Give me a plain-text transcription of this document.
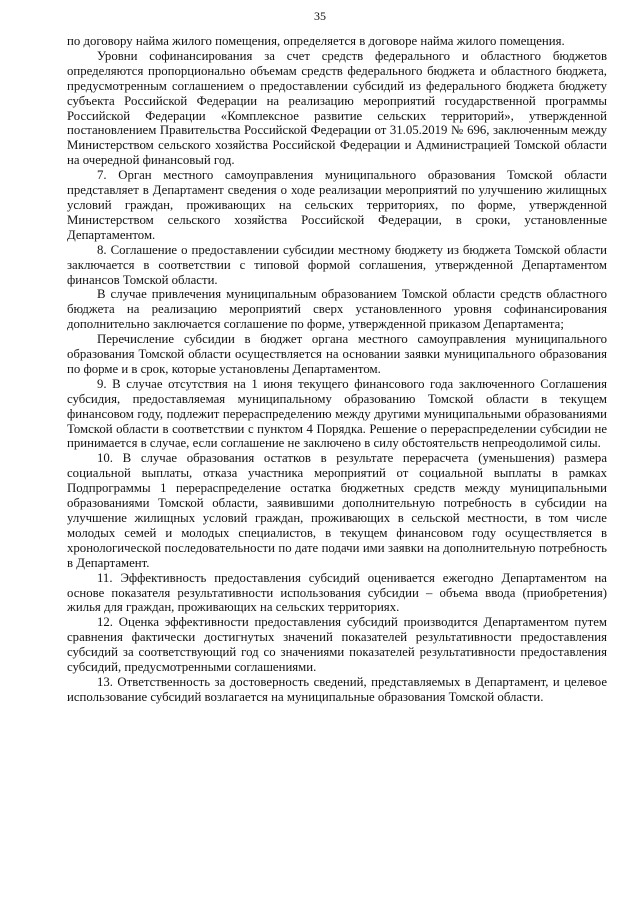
35

по договору найма жилого помещения, определяется в договоре найма жилого помещения.

Уровни софинансирования за счет средств федерального и областного бюджетов определяются пропорционально объемам средств федерального бюджета и областного бюджета, предусмотренным соглашением о предоставлении субсидий из федерального бюджета бюджету субъекта Российской Федерации на реализацию мероприятий государственной программы Российской Федерации «Комплексное развитие сельских территорий», утвержденной постановлением Правительства Российской Федерации от 31.05.2019 № 696, заключенным между Министерством сельского хозяйства Российской Федерации и Администрацией Томской области на очередной финансовый год.

7. Орган местного самоуправления муниципального образования Томской области представляет в Департамент сведения о ходе реализации мероприятий по улучшению жилищных условий граждан, проживающих на сельских территориях, по форме, утвержденной Министерством сельского хозяйства Российской Федерации, в сроки, установленные Департаментом.

8. Соглашение о предоставлении субсидии местному бюджету из бюджета Томской области заключается в соответствии с типовой формой соглашения, утвержденной Департаментом финансов Томской области.

В случае привлечения муниципальным образованием Томской области средств областного бюджета на реализацию мероприятий сверх установленного уровня софинансирования дополнительно заключается соглашение по форме, утвержденной приказом Департамента;

Перечисление субсидии в бюджет органа местного самоуправления муниципального образования Томской области осуществляется на основании заявки муниципального образования по форме и в срок, которые установлены Департаментом.

9. В случае отсутствия на 1 июня текущего финансового года заключенного Соглашения субсидия, предоставляемая муниципальному образованию Томской области в текущем финансовом году, подлежит перераспределению между другими муниципальными образованиями Томской области в соответствии с пунктом 4 Порядка. Решение о перераспределении субсидии не принимается в случае, если соглашение не заключено в силу обстоятельств непреодолимой силы.

10. В случае образования остатков в результате перерасчета (уменьшения) размера социальной выплаты, отказа участника мероприятий от социальной выплаты в рамках Подпрограммы 1 перераспределение остатка бюджетных средств между муниципальными образованиями Томской области, заявившими дополнительную потребность в субсидии на улучшение жилищных условий граждан, проживающих в сельской местности, в том числе молодых семей и молодых специалистов, в текущем финансовом году осуществляется в хронологической последовательности по дате подачи ими заявки на дополнительную потребность в Департамент.

11. Эффективность предоставления субсидий оценивается ежегодно Департаментом на основе показателя результативности использования субсидии – объема ввода (приобретения) жилья для граждан, проживающих на сельских территориях.

12. Оценка эффективности предоставления субсидий производится Департаментом путем сравнения фактически достигнутых значений показателей результативности предоставления субсидий за соответствующий год со значениями показателей результативности предоставления субсидий, предусмотренными соглашениями.

13. Ответственность за достоверность сведений, представляемых в Департамент, и целевое использование субсидий возлагается на муниципальные образования Томской области.
